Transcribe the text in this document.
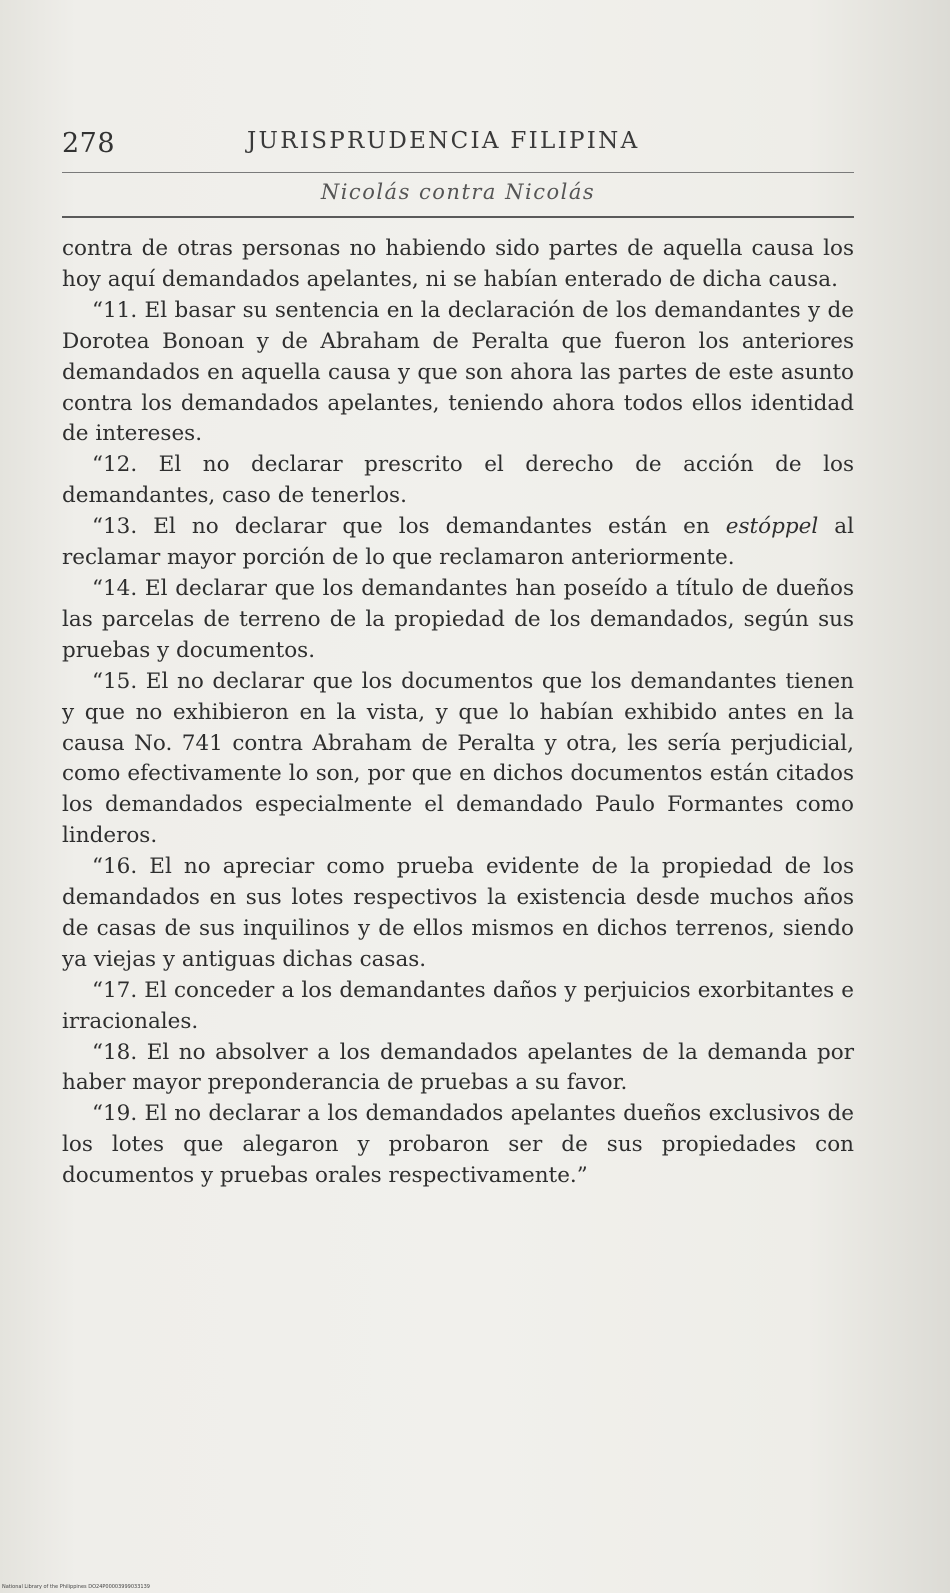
278	JURISPRUDENCIA FILIPINA
Nicolás contra Nicolás

contra de otras personas no habiendo sido partes de aquella causa los hoy aquí demandados apelantes, ni se habían enterado de dicha causa.

“11. El basar su sentencia en la declaración de los demandantes y de Dorotea Bonoan y de Abraham de Peralta que fueron los anteriores demandados en aquella causa y que son ahora las partes de este asunto contra los demandados apelantes, teniendo ahora todos ellos identidad de intereses.

“12. El no declarar prescrito el derecho de acción de los demandantes, caso de tenerlos.

“13. El no declarar que los demandantes están en estóppel al reclamar mayor porción de lo que reclamaron anteriormente.

“14. El declarar que los demandantes han poseído a título de dueños las parcelas de terreno de la propiedad de los demandados, según sus pruebas y documentos.

“15. El no declarar que los documentos que los demandantes tienen y que no exhibieron en la vista, y que lo habían exhibido antes en la causa No. 741 contra Abraham de Peralta y otra, les sería perjudicial, como efectivamente lo son, por que en dichos documentos están citados los demandados especialmente el demandado Paulo Formantes como linderos.

“16. El no apreciar como prueba evidente de la propiedad de los demandados en sus lotes respectivos la existencia desde muchos años de casas de sus inquilinos y de ellos mismos en dichos terrenos, siendo ya viejas y antiguas dichas casas.

“17. El conceder a los demandantes daños y perjuicios exorbitantes e irracionales.

“18. El no absolver a los demandados apelantes de la demanda por haber mayor preponderancia de pruebas a su favor.

“19. El no declarar a los demandados apelantes dueños exclusivos de los lotes que alegaron y probaron ser de sus propiedades con documentos y pruebas orales respectivamente.”

National Library of the Philippines DO24P00003999033139
